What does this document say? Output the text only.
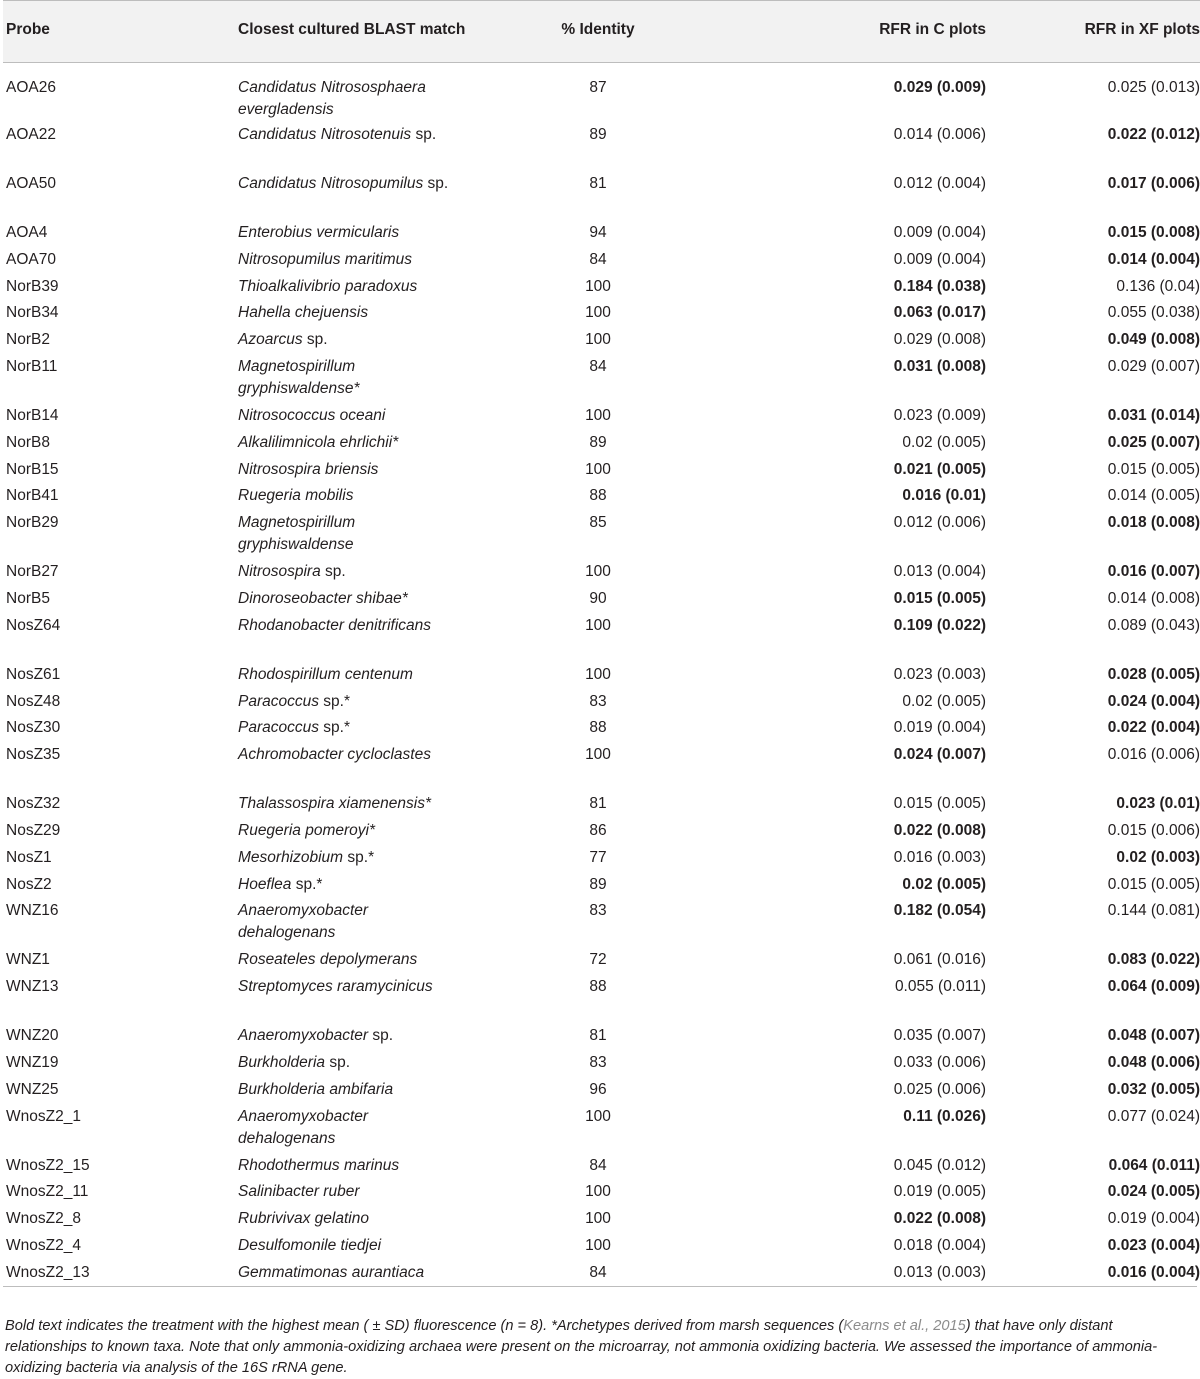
Probe	Closest cultured BLAST match	% Identity	RFR in C plots	RFR in XF plots
AOA26	Candidatus Nitrososphaera evergladensis	87	0.029 (0.009)	0.025 (0.013)
AOA22	Candidatus Nitrosotenuis sp.	89	0.014 (0.006)	0.022 (0.012)
AOA50	Candidatus Nitrosopumilus sp.	81	0.012 (0.004)	0.017 (0.006)
AOA4	Enterobius vermicularis	94	0.009 (0.004)	0.015 (0.008)
AOA70	Nitrosopumilus maritimus	84	0.009 (0.004)	0.014 (0.004)
NorB39	Thioalkalivibrio paradoxus	100	0.184 (0.038)	0.136 (0.04)
NorB34	Hahella chejuensis	100	0.063 (0.017)	0.055 (0.038)
NorB2	Azoarcus sp.	100	0.029 (0.008)	0.049 (0.008)
NorB11	Magnetospirillum gryphiswaldense*	84	0.031 (0.008)	0.029 (0.007)
NorB14	Nitrosococcus oceani	100	0.023 (0.009)	0.031 (0.014)
NorB8	Alkalilimnicola ehrlichii*	89	0.02 (0.005)	0.025 (0.007)
NorB15	Nitrosospira briensis	100	0.021 (0.005)	0.015 (0.005)
NorB41	Ruegeria mobilis	88	0.016 (0.01)	0.014 (0.005)
NorB29	Magnetospirillum gryphiswaldense	85	0.012 (0.006)	0.018 (0.008)
NorB27	Nitrosospira sp.	100	0.013 (0.004)	0.016 (0.007)
NorB5	Dinoroseobacter shibae*	90	0.015 (0.005)	0.014 (0.008)
NosZ64	Rhodanobacter denitrificans	100	0.109 (0.022)	0.089 (0.043)
NosZ61	Rhodospirillum centenum	100	0.023 (0.003)	0.028 (0.005)
NosZ48	Paracoccus sp.*	83	0.02 (0.005)	0.024 (0.004)
NosZ30	Paracoccus sp.*	88	0.019 (0.004)	0.022 (0.004)
NosZ35	Achromobacter cycloclastes	100	0.024 (0.007)	0.016 (0.006)
NosZ32	Thalassospira xiamenensis*	81	0.015 (0.005)	0.023 (0.01)
NosZ29	Ruegeria pomeroyi*	86	0.022 (0.008)	0.015 (0.006)
NosZ1	Mesorhizobium sp.*	77	0.016 (0.003)	0.02 (0.003)
NosZ2	Hoeflea sp.*	89	0.02 (0.005)	0.015 (0.005)
WNZ16	Anaeromyxobacter dehalogenans	83	0.182 (0.054)	0.144 (0.081)
WNZ1	Roseateles depolymerans	72	0.061 (0.016)	0.083 (0.022)
WNZ13	Streptomyces raramycinicus	88	0.055 (0.011)	0.064 (0.009)
WNZ20	Anaeromyxobacter sp.	81	0.035 (0.007)	0.048 (0.007)
WNZ19	Burkholderia sp.	83	0.033 (0.006)	0.048 (0.006)
WNZ25	Burkholderia ambifaria	96	0.025 (0.006)	0.032 (0.005)
WnosZ2_1	Anaeromyxobacter dehalogenans	100	0.11 (0.026)	0.077 (0.024)
WnosZ2_15	Rhodothermus marinus	84	0.045 (0.012)	0.064 (0.011)
WnosZ2_11	Salinibacter ruber	100	0.019 (0.005)	0.024 (0.005)
WnosZ2_8	Rubrivivax gelatino	100	0.022 (0.008)	0.019 (0.004)
WnosZ2_4	Desulfomonile tiedjei	100	0.018 (0.004)	0.023 (0.004)
WnosZ2_13	Gemmatimonas aurantiaca	84	0.013 (0.003)	0.016 (0.004)
Bold text indicates the treatment with the highest mean ( ± SD) fluorescence (n = 8). *Archetypes derived from marsh sequences (Kearns et al., 2015) that have only distant relationships to known taxa. Note that only ammonia-oxidizing archaea were present on the microarray, not ammonia oxidizing bacteria. We assessed the importance of ammonia-oxidizing bacteria via analysis of the 16S rRNA gene.
